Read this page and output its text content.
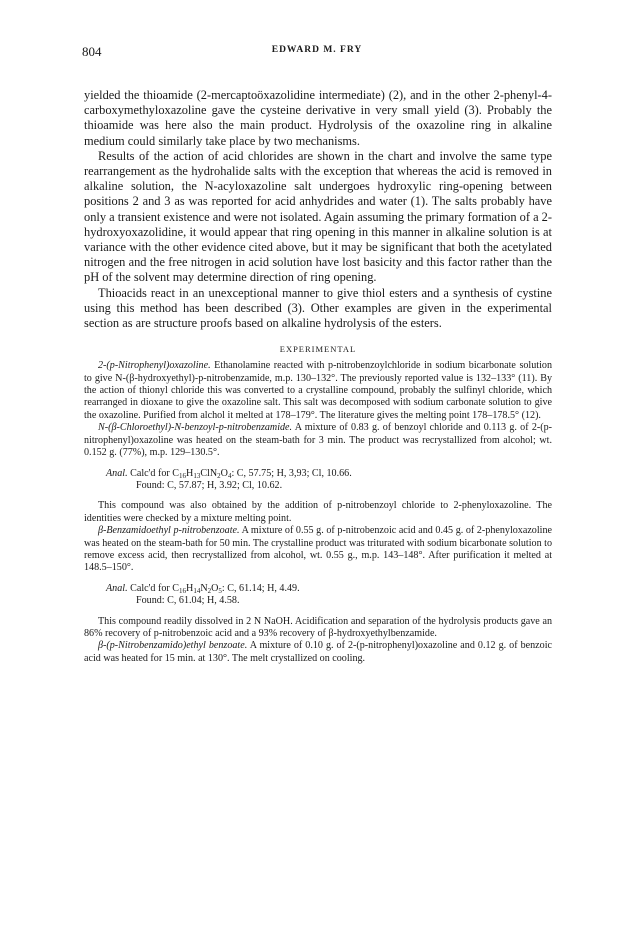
804	EDWARD M. FRY

yielded the thioamide (2-mercaptoöxazolidine intermediate) (2), and in the other 2-phenyl-4-carboxymethyloxazoline gave the cysteine derivative in very small yield (3). Probably the thioamide was here also the main product. Hydrolysis of the oxazoline ring in alkaline medium could similarly take place by two mechanisms.

Results of the action of acid chlorides are shown in the chart and involve the same type rearrangement as the hydrohalide salts with the exception that whereas the acid is removed in alkaline solution, the N-acyloxazoline salt undergoes hydroxylic ring-opening between positions 2 and 3 as was reported for acid anhydrides and water (1). The salts probably have only a transient existence and were not isolated. Again assuming the primary formation of a 2-hydroxyoxazolidine, it would appear that ring opening in this manner in alkaline solution is at variance with the other evidence cited above, but it may be significant that both the acetylated nitrogen and the free nitrogen in acid solution have lost basicity and this factor rather than the pH of the solvent may determine direction of ring opening.

Thioacids react in an unexceptional manner to give thiol esters and a synthesis of cystine using this method has been described (3). Other examples are given in the experimental section as are structure proofs based on alkaline hydrolysis of the esters.

EXPERIMENTAL

2-(p-Nitrophenyl)oxazoline. Ethanolamine reacted with p-nitrobenzoylchloride in sodium bicarbonate solution to give N-(β-hydroxyethyl)-p-nitrobenzamide, m.p. 130–132°. The previously reported value is 132–133° (11). By the action of thionyl chloride this was converted to a crystalline compound, probably the sulfinyl chloride, which rearranged in dioxane to give the oxazoline salt. This salt was decomposed with sodium carbonate solution to give the oxazoline. Purified from alchol it melted at 178–179°. The literature gives the melting point 178–178.5° (12).

N-(β-Chloroethyl)-N-benzoyl-p-nitrobenzamide. A mixture of 0.83 g. of benzoyl chloride and 0.113 g. of 2-(p-nitrophenyl)oxazoline was heated on the steam-bath for 3 min. The product was recrystallized from alcohol; wt. 0.152 g. (77%), m.p. 129–130.5°.

Anal. Calc'd for $C_{16}H_{13}ClN_2O_4$: C, 57.75; H, 3,93; Cl, 10.66.
Found: C, 57.87; H, 3.92; Cl, 10.62.

This compound was also obtained by the addition of p-nitrobenzoyl chloride to 2-phenyloxazoline. The identities were checked by a mixture melting point.

β-Benzamidoethyl p-nitrobenzoate. A mixture of 0.55 g. of p-nitrobenzoic acid and 0.45 g. of 2-phenyloxazoline was heated on the steam-bath for 50 min. The crystalline product was triturated with sodium bicarbonate solution to remove excess acid, then recrystallized from alcohol, wt. 0.55 g., m.p. 143–148°. After purification it melted at 148.5–150°.

Anal. Calc'd for $C_{16}H_{14}N_2O_5$: C, 61.14; H, 4.49.
Found: C, 61.04; H, 4.58.

This compound readily dissolved in 2 N NaOH. Acidification and separation of the hydrolysis products gave an 86% recovery of p-nitrobenzoic acid and a 93% recovery of β-hydroxyethylbenzamide.

β-(p-Nitrobenzamido)ethyl benzoate. A mixture of 0.10 g. of 2-(p-nitrophenyl)oxazoline and 0.12 g. of benzoic acid was heated for 15 min. at 130°. The melt crystallized on cooling.
